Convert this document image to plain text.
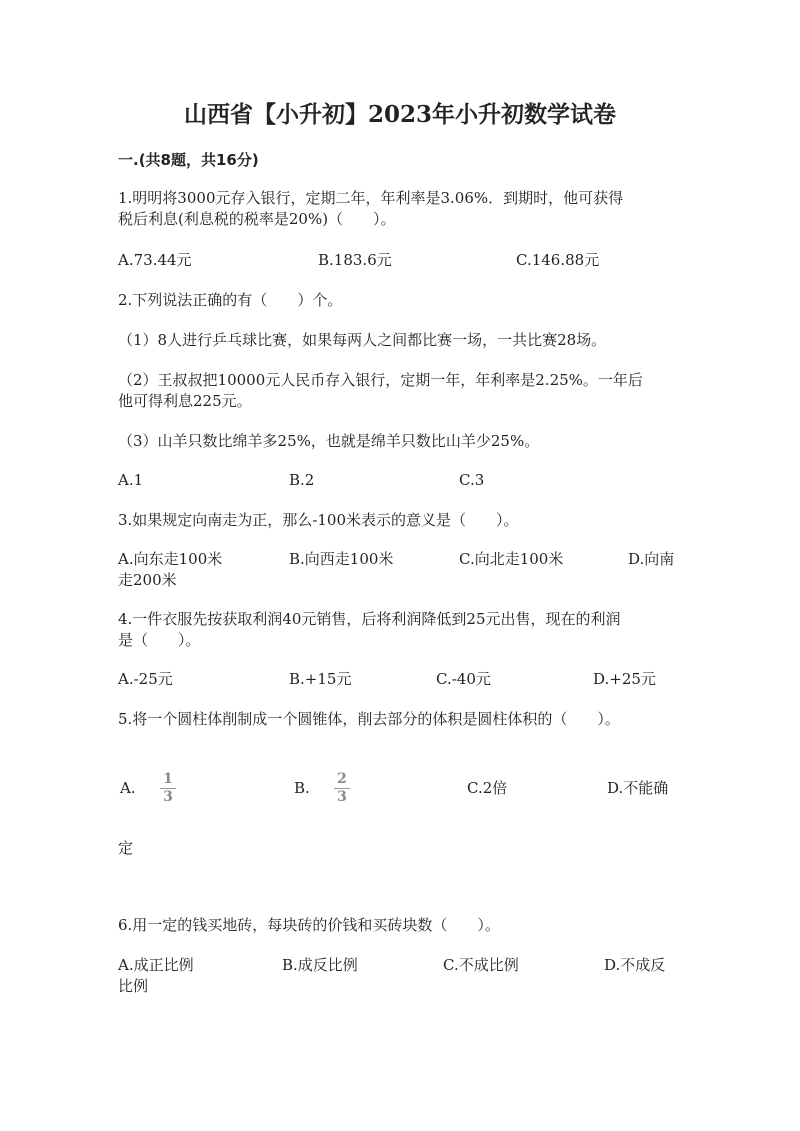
山西省【小升初】2023年小升初数学试卷
一.(共8题，共16分)
1.明明将3000元存入银行，定期二年，年利率是3.06%．到期时，他可获得
税后利息(利息税的税率是20%)（　　）。
A.73.44元	B.183.6元	C.146.88元
2.下列说法正确的有（　　）个。
（1）8人进行乒乓球比赛，如果每两人之间都比赛一场，一共比赛28场。
（2）王叔叔把10000元人民币存入银行，定期一年，年利率是2.25%。一年后
他可得利息225元。
（3）山羊只数比绵羊多25%，也就是绵羊只数比山羊少25%。
A.1	B.2	C.3
3.如果规定向南走为正，那么-100米表示的意义是（　　）。
A.向东走100米	B.向西走100米	C.向北走100米	D.向南
走200米
4.一件衣服先按获取利润40元销售，后将利润降低到25元出售，现在的利润
是（　　）。
A.-25元	B.+15元	C.-40元	D.+25元
5.将一个圆柱体削制成一个圆锥体，削去部分的体积是圆柱体积的（　　）。
A. 1
3	B. 2
3	C.2倍	D.不能确
定
6.用一定的钱买地砖，每块砖的价钱和买砖块数（　　）。
A.成正比例	B.成反比例	C.不成比例	D.不成反
比例
